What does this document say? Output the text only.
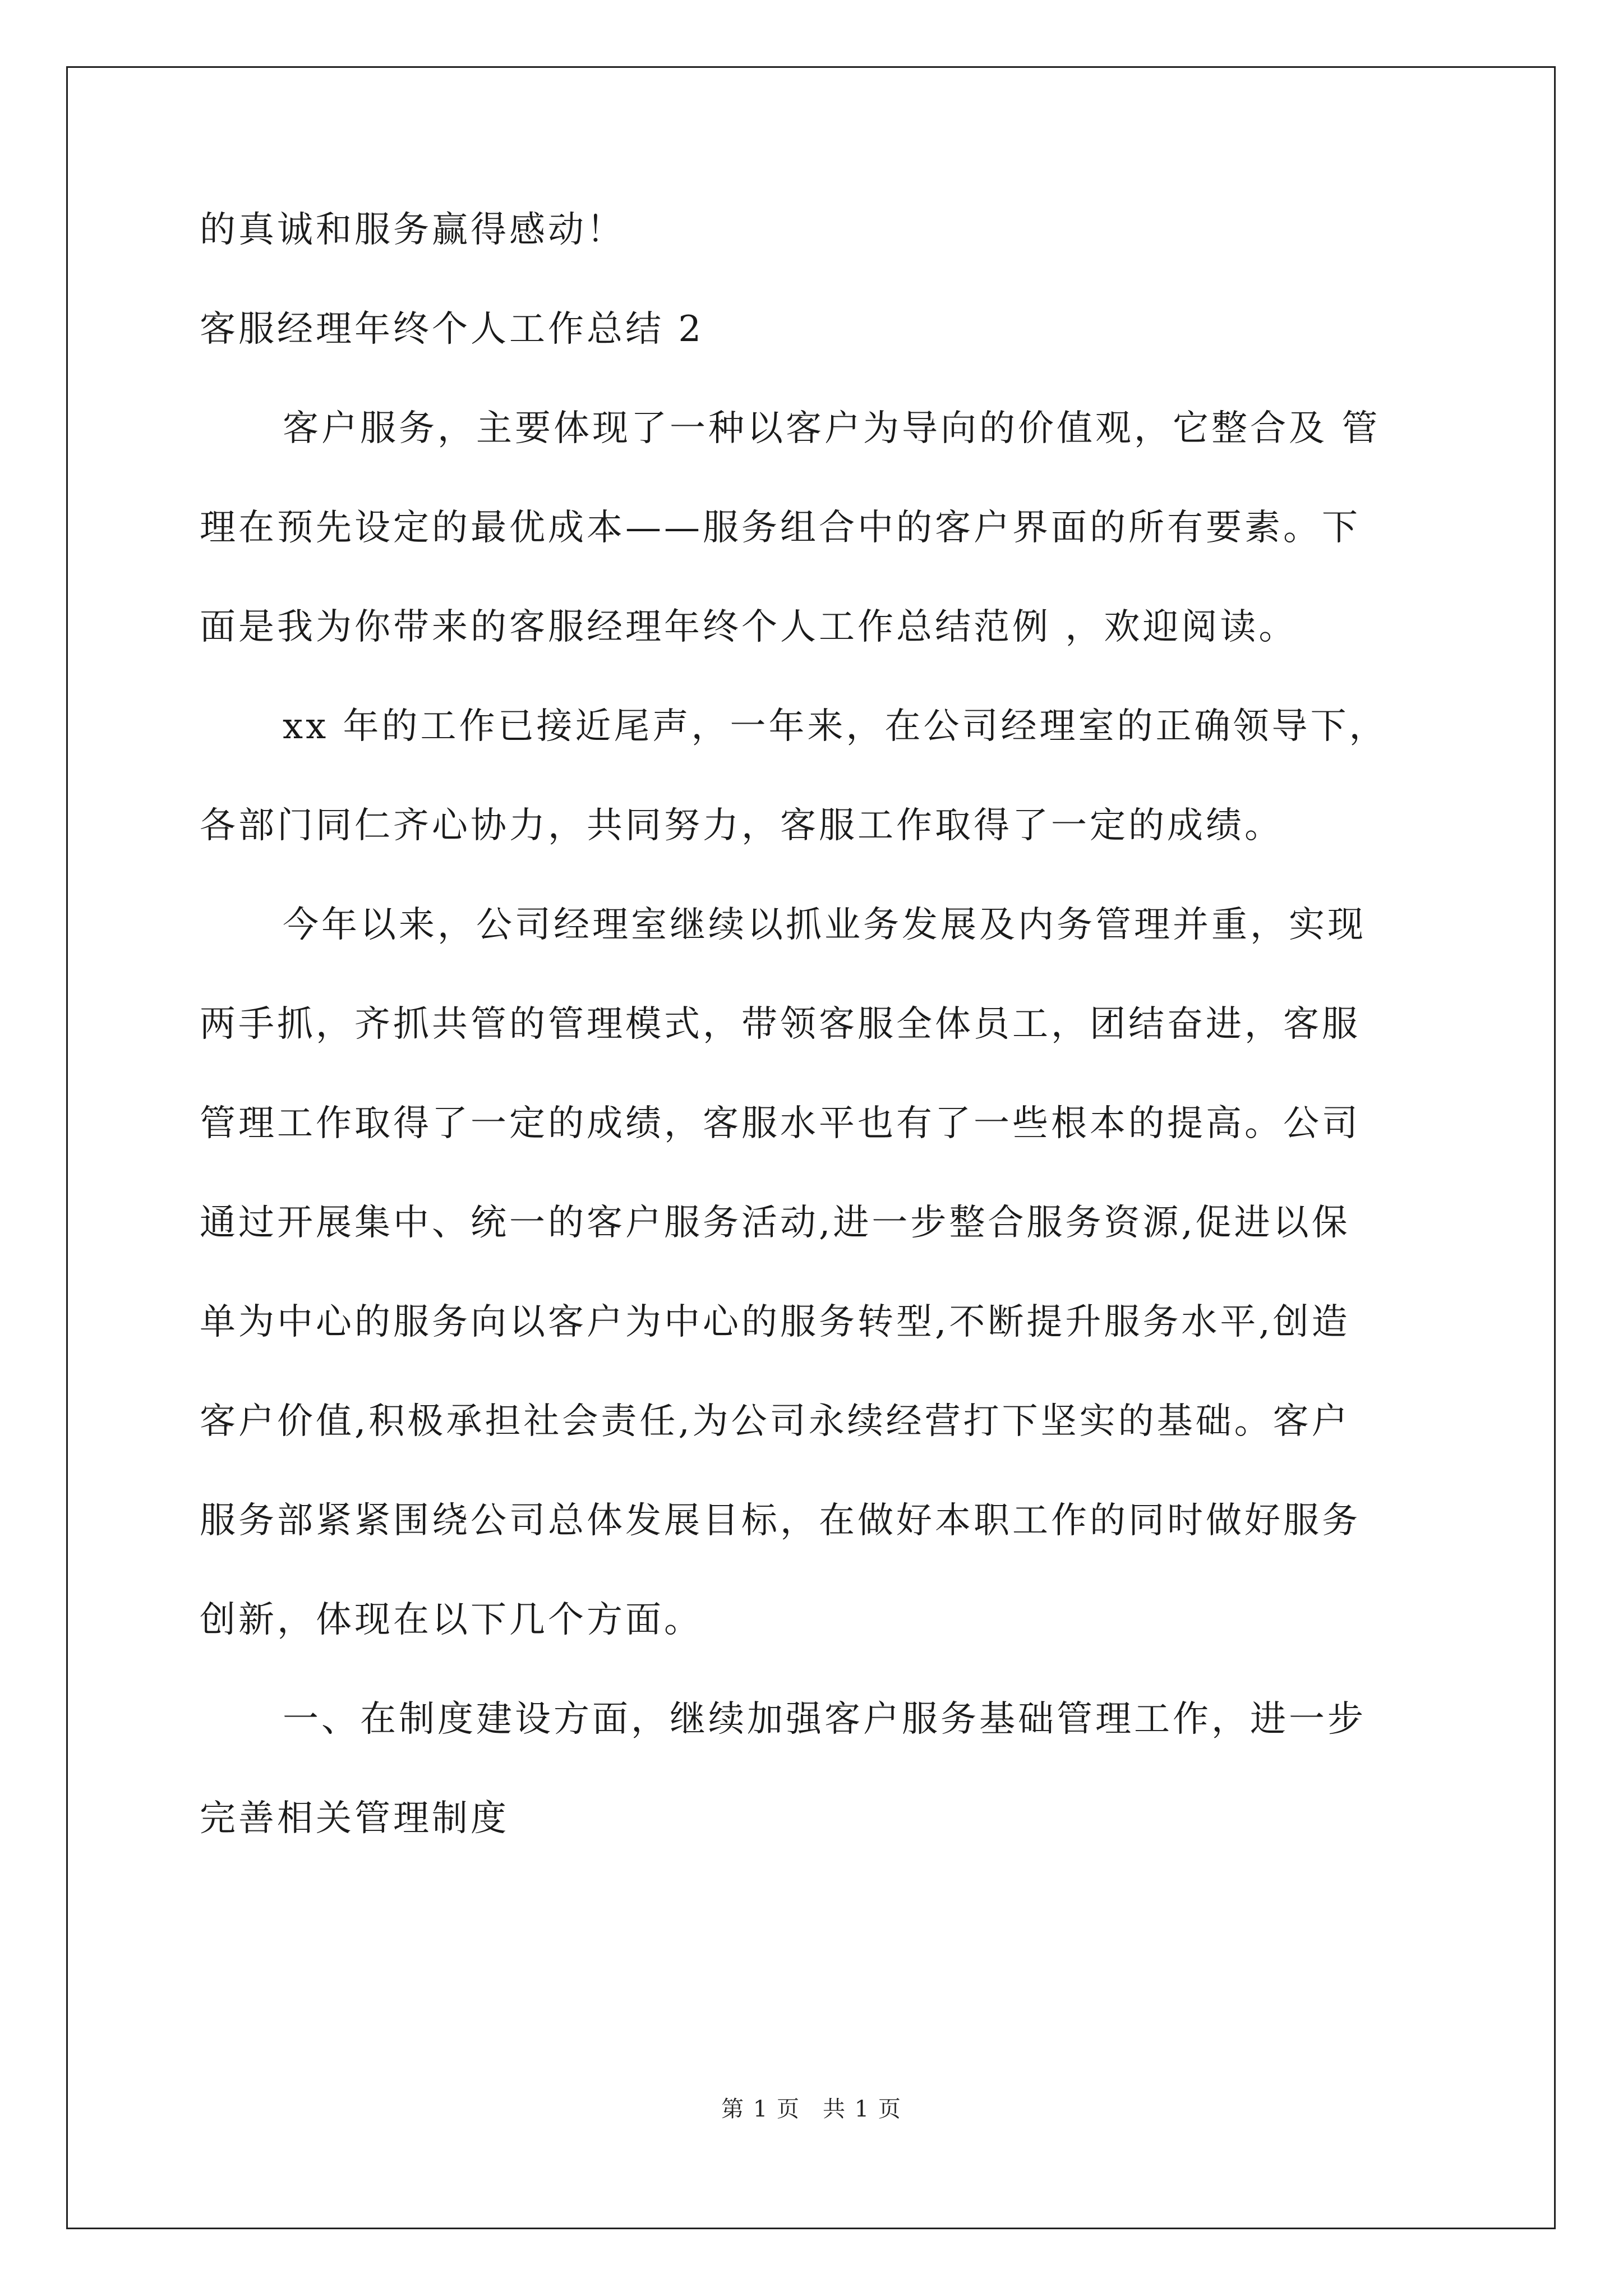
的真诚和服务赢得感动！
客服经理年终个人工作总结 2
客户服务，主要体现了一种以客户为导向的价值观，它整合及 管
理在预先设定的最优成本——服务组合中的客户界面的所有要素。下
面是我为你带来的客服经理年终个人工作总结范例 ，欢迎阅读。
xx 年的工作已接近尾声，一年来，在公司经理室的正确领导下，
各部门同仁齐心协力，共同努力，客服工作取得了一定的成绩。
今年以来，公司经理室继续以抓业务发展及内务管理并重，实现
两手抓，齐抓共管的管理模式，带领客服全体员工，团结奋进，客服
管理工作取得了一定的成绩，客服水平也有了一些根本的提高。公司
通过开展集中、统一的客户服务活动,进一步整合服务资源,促进以保
单为中心的服务向以客户为中心的服务转型,不断提升服务水平,创造
客户价值,积极承担社会责任,为公司永续经营打下坚实的基础。客户
服务部紧紧围绕公司总体发展目标，在做好本职工作的同时做好服务
创新，体现在以下几个方面。
一、在制度建设方面，继续加强客户服务基础管理工作，进一步
完善相关管理制度
第 1 页 共 1 页
